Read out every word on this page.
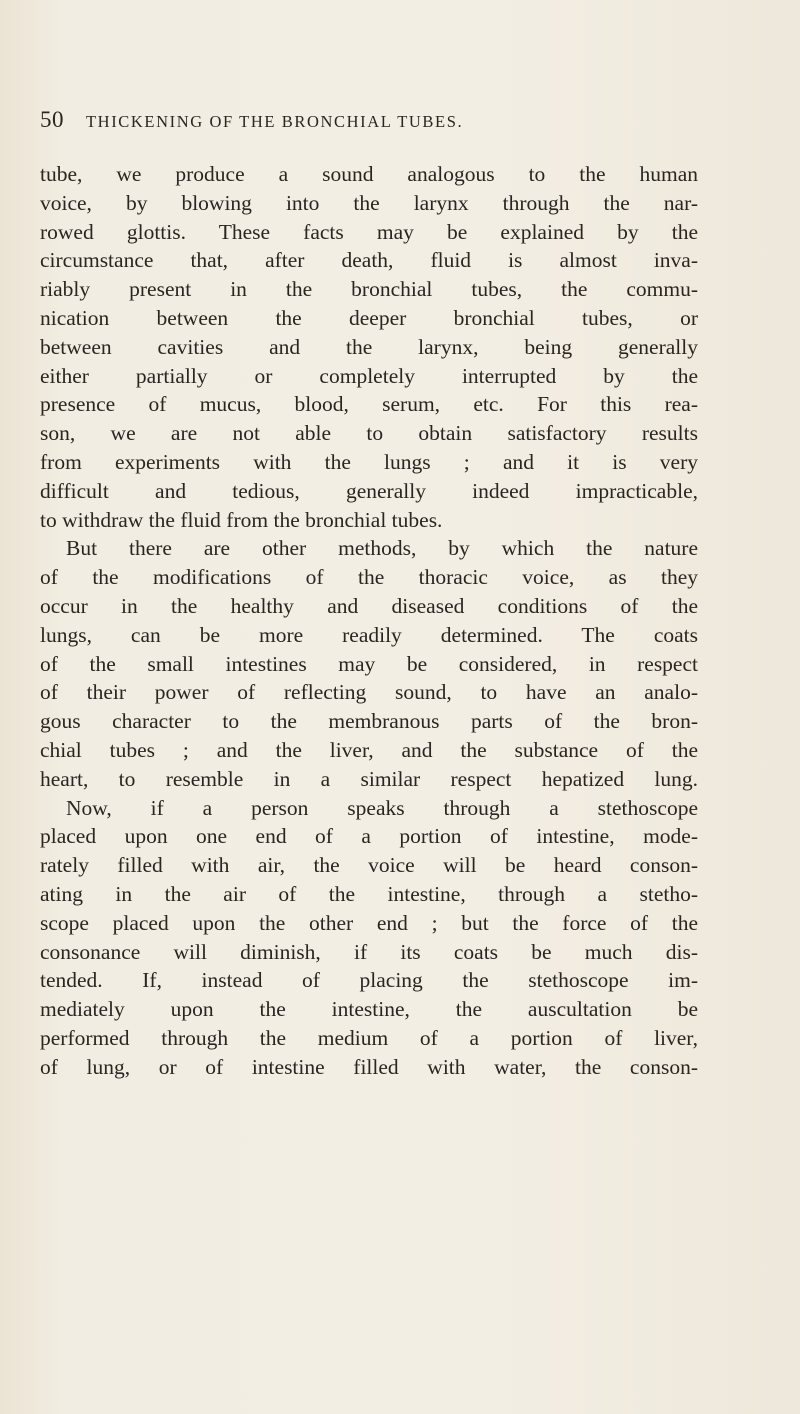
50 THICKENING OF THE BRONCHIAL TUBES.

tube, we produce a sound analogous to the human
voice, by blowing into the larynx through the nar-
rowed glottis. These facts may be explained by the
circumstance that, after death, fluid is almost inva-
riably present in the bronchial tubes, the commu-
nication between the deeper bronchial tubes, or
between cavities and the larynx, being generally
either partially or completely interrupted by the
presence of mucus, blood, serum, etc. For this rea-
son, we are not able to obtain satisfactory results
from experiments with the lungs ; and it is very
difficult and tedious, generally indeed impracticable,
to withdraw the fluid from the bronchial tubes.

But there are other methods, by which the nature
of the modifications of the thoracic voice, as they
occur in the healthy and diseased conditions of the
lungs, can be more readily determined. The coats
of the small intestines may be considered, in respect
of their power of reflecting sound, to have an analo-
gous character to the membranous parts of the bron-
chial tubes ; and the liver, and the substance of the
heart, to resemble in a similar respect hepatized lung.

Now, if a person speaks through a stethoscope
placed upon one end of a portion of intestine, mode-
rately filled with air, the voice will be heard conson-
ating in the air of the intestine, through a stetho-
scope placed upon the other end ; but the force of the
consonance will diminish, if its coats be much dis-
tended. If, instead of placing the stethoscope im-
mediately upon the intestine, the auscultation be
performed through the medium of a portion of liver,
of lung, or of intestine filled with water, the conson-
